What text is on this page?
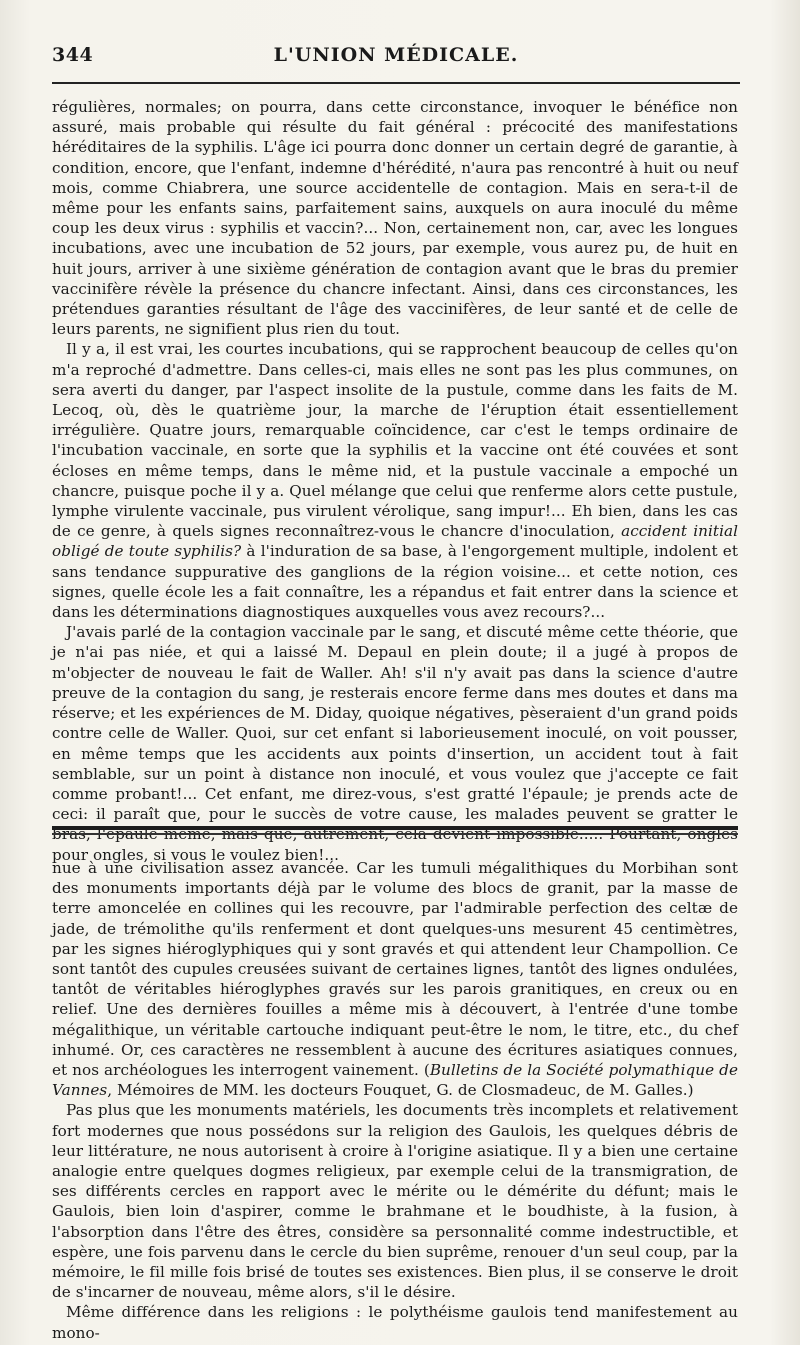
344	L'UNION MÉDICALE.

régulières, normales; on pourra, dans cette circonstance, invoquer le bénéfice non assuré, mais probable qui résulte du fait général : précocité des manifestations héréditaires de la syphilis. L'âge ici pourra donc donner un certain degré de garantie, à condition, encore, que l'enfant, indemne d'hérédité, n'aura pas rencontré à huit ou neuf mois, comme Chiabrera, une source accidentelle de contagion. Mais en sera-t-il de même pour les enfants sains, parfaitement sains, auxquels on aura inoculé du même coup les deux virus : syphilis et vaccin?... Non, certainement non, car, avec les longues incubations, avec une incubation de 52 jours, par exemple, vous aurez pu, de huit en huit jours, arriver à une sixième génération de contagion avant que le bras du premier vaccinifère révèle la présence du chancre infectant. Ainsi, dans ces circonstances, les prétendues garanties résultant de l'âge des vaccinifères, de leur santé et de celle de leurs parents, ne signifient plus rien du tout.

Il y a, il est vrai, les courtes incubations, qui se rapprochent beaucoup de celles qu'on m'a reproché d'admettre. Dans celles-ci, mais elles ne sont pas les plus communes, on sera averti du danger, par l'aspect insolite de la pustule, comme dans les faits de M. Lecoq, où, dès le quatrième jour, la marche de l'éruption était essentiellement irrégulière. Quatre jours, remarquable coïncidence, car c'est le temps ordinaire de l'incubation vaccinale, en sorte que la syphilis et la vaccine ont été couvées et sont écloses en même temps, dans le même nid, et la pustule vaccinale a empoché un chancre, puisque poche il y a. Quel mélange que celui que renferme alors cette pustule, lymphe virulente vaccinale, pus virulent vérolique, sang impur!... Eh bien, dans les cas de ce genre, à quels signes reconnaîtrez-vous le chancre d'inoculation, accident initial obligé de toute syphilis? à l'induration de sa base, à l'engorgement multiple, indolent et sans tendance suppurative des ganglions de la région voisine... et cette notion, ces signes, quelle école les a fait connaître, les a répandus et fait entrer dans la science et dans les déterminations diagnostiques auxquelles vous avez recours?...

J'avais parlé de la contagion vaccinale par le sang, et discuté même cette théorie, que je n'ai pas niée, et qui a laissé M. Depaul en plein doute; il a jugé à propos de m'objecter de nouveau le fait de Waller. Ah! s'il n'y avait pas dans la science d'autre preuve de la contagion du sang, je resterais encore ferme dans mes doutes et dans ma réserve; et les expériences de M. Diday, quoique négatives, pèseraient d'un grand poids contre celle de Waller. Quoi, sur cet enfant si laborieusement inoculé, on voit pousser, en même temps que les accidents aux points d'insertion, un accident tout à fait semblable, sur un point à distance non inoculé, et vous voulez que j'accepte ce fait comme probant!... Cet enfant, me direz-vous, s'est gratté l'épaule; je prends acte de ceci: il paraît que, pour le succès de votre cause, les malades peuvent se gratter le pour ongles, si vous le voulez bien!...

nue à une civilisation assez avancée. Car les tumuli mégalithiques du Morbihan sont des monuments importants déjà par le volume des blocs de granit, par la masse de terre amoncelée en collines qui les recouvre, par l'admirable perfection des celtæ de jade, de trémolithe qu'ils renferment et dont quelques-uns mesurent 45 centimètres, par les signes hiéroglyphiques qui y sont gravés et qui attendent leur Champollion. Ce sont tantôt des cupules creusées suivant de certaines lignes, tantôt des lignes ondulées, tantôt de véritables hiéroglyphes gravés sur les parois granitiques, en creux ou en relief. Une des dernières fouilles a même mis à découvert, à l'entrée d'une tombe mégalithique, un véritable cartouche indiquant peut-être le nom, le titre, etc., du chef inhumé. Or, ces caractères ne ressemblent à aucune des écritures asiatiques connues, et nos archéologues les interrogent vainement. (Bulletins de la Société polymathique de Vannes, Mémoires de MM. les docteurs Fouquet, G. de Closmadeuc, de M. Galles.)

Pas plus que les monuments matériels, les documents très incomplets et relativement fort modernes que nous possédons sur la religion des Gaulois, les quelques débris de leur littérature, ne nous autorisent à croire à l'origine asiatique. Il y a bien une certaine analogie entre quelques dogmes religieux, par exemple celui de la transmigration, de ses différents cercles en rapport avec le mérite ou le démérite du défunt; mais le Gaulois, bien loin d'aspirer, comme le brahmane et le boudhiste, à la fusion, à l'absorption dans l'être des êtres, considère sa personnalité comme indestructible, et espère, une fois parvenu dans le cercle du bien suprême, renouer d'un seul coup, par la mémoire, le fil mille fois brisé de toutes ses existences. Bien plus, il se conserve le droit de s'incarner de nouveau, même alors, s'il le désire.

Même différence dans les religions : le polythéisme gaulois tend manifestement au mono-
